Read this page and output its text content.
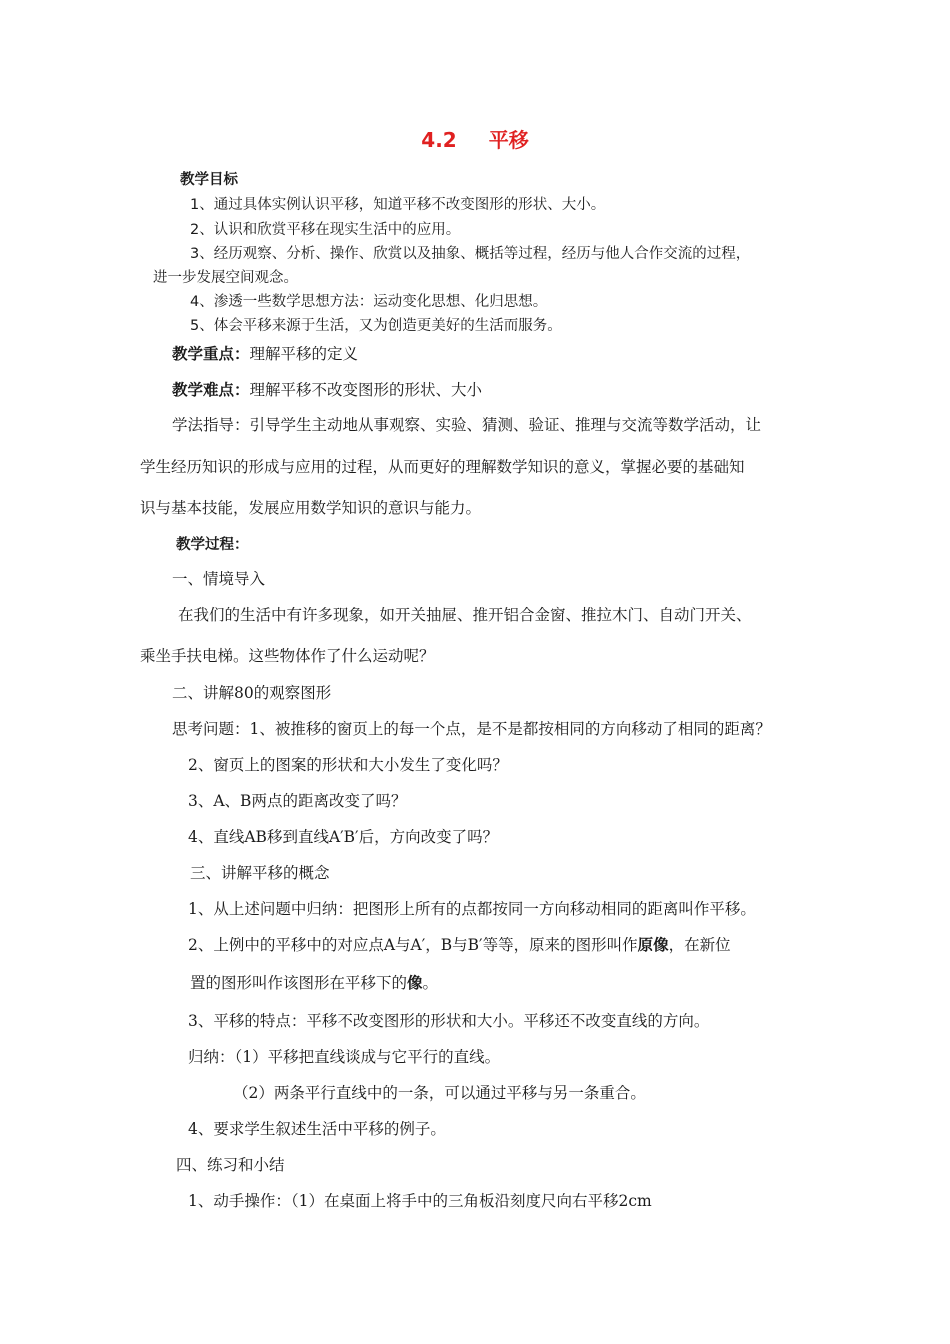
4.2 平移
教学目标
1、通过具体实例认识平移，知道平移不改变图形的形状、大小。
2、认识和欣赏平移在现实生活中的应用。
3、经历观察、分析、操作、欣赏以及抽象、概括等过程，经历与他人合作交流的过程，
进一步发展空间观念。
4、渗透一些数学思想方法：运动变化思想、化归思想。
5、体会平移来源于生活，又为创造更美好的生活而服务。
教学重点：理解平移的定义
教学难点：理解平移不改变图形的形状、大小
学法指导：引导学生主动地从事观察、实验、猜测、验证、推理与交流等数学活动，让
学生经历知识的形成与应用的过程，从而更好的理解数学知识的意义，掌握必要的基础知
识与基本技能，发展应用数学知识的意识与能力。
教学过程：
一、情境导入
在我们的生活中有许多现象，如开关抽屉、推开铝合金窗、推拉木门、自动门开关、
乘坐手扶电梯。这些物体作了什么运动呢？
二、讲解80的观察图形
思考问题：1、被推移的窗页上的每一个点，是不是都按相同的方向移动了相同的距离？
2、窗页上的图案的形状和大小发生了变化吗？
3、A、B两点的距离改变了吗？
4、直线AB移到直线A′B′后，方向改变了吗？
三、讲解平移的概念
1、从上述问题中归纳：把图形上所有的点都按同一方向移动相同的距离叫作平移。
2、上例中的平移中的对应点A与A′，B与B′等等，原来的图形叫作原像，在新位
置的图形叫作该图形在平移下的像。
3、平移的特点：平移不改变图形的形状和大小。平移还不改变直线的方向。
归纳：（1）平移把直线谈成与它平行的直线。
（2）两条平行直线中的一条，可以通过平移与另一条重合。
4、要求学生叙述生活中平移的例子。
四、练习和小结
1、动手操作：（1）在桌面上将手中的三角板沿刻度尺向右平移2cm
